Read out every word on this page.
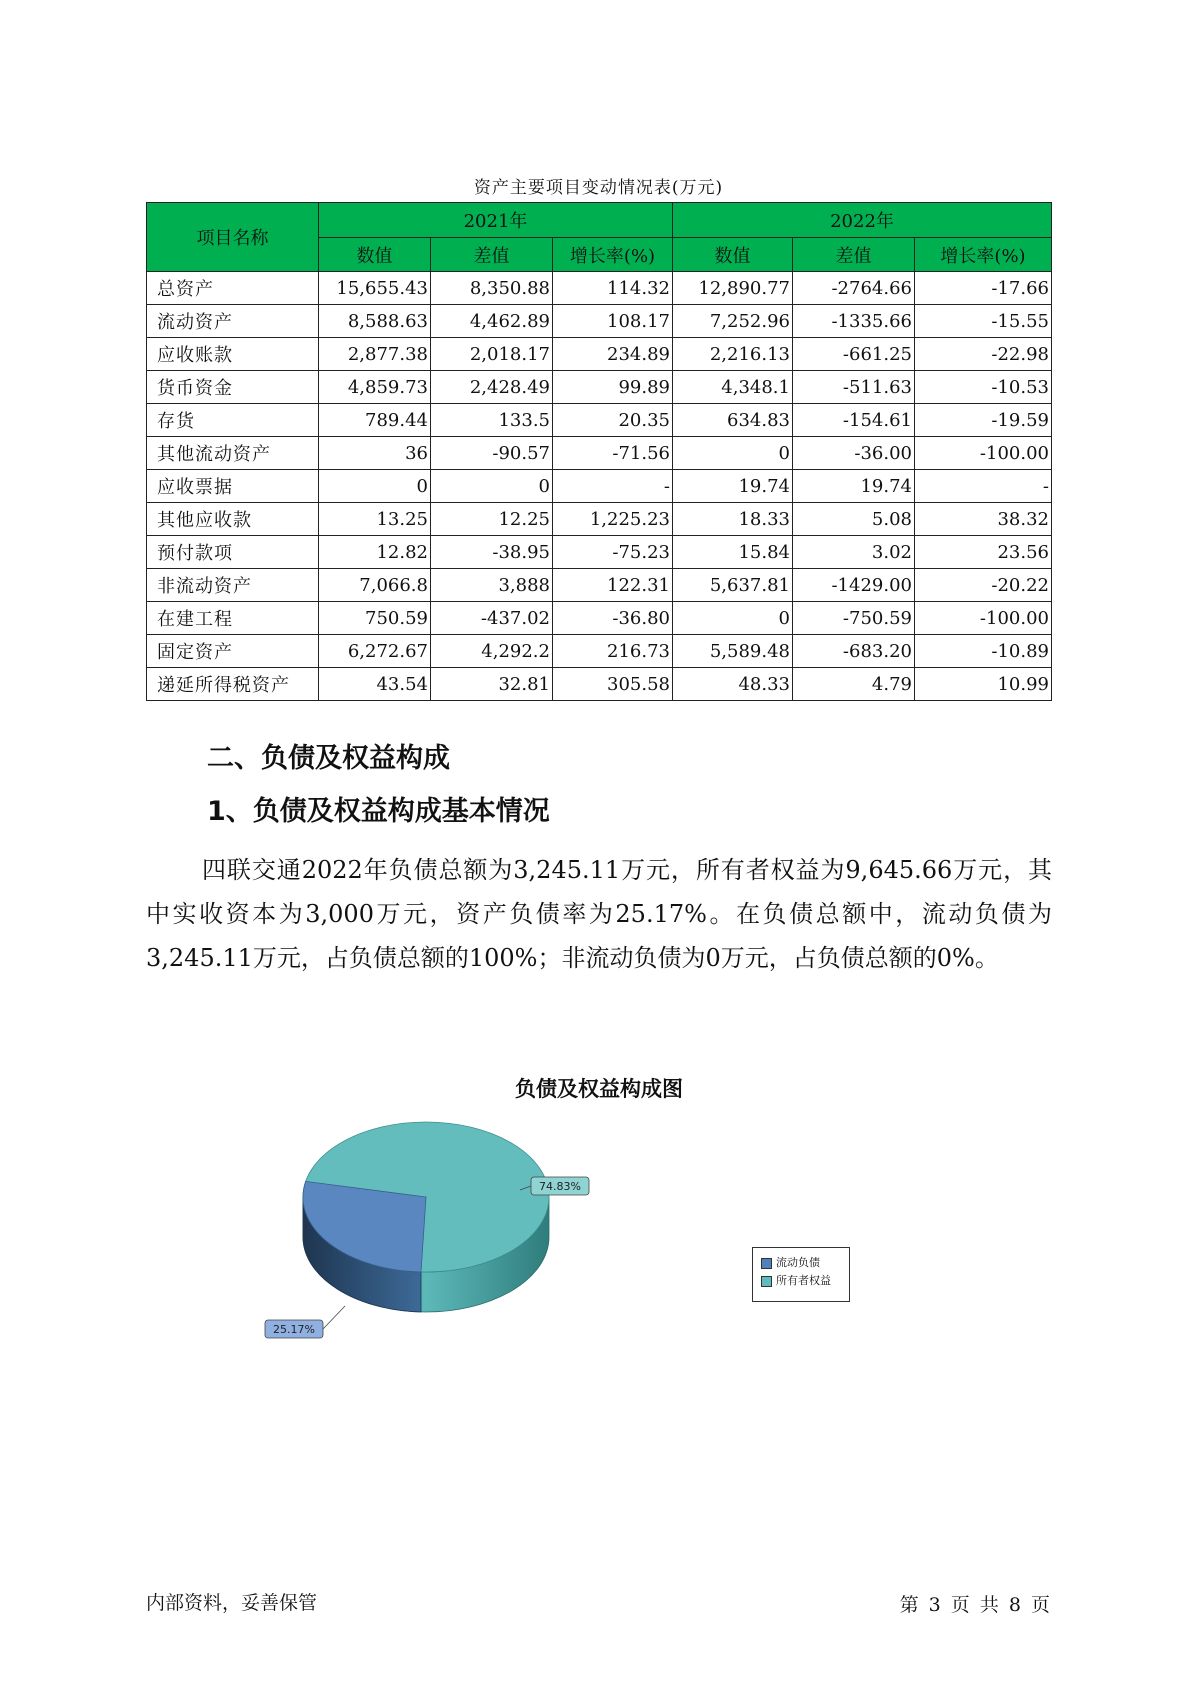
资产主要项目变动情况表(万元)
项目名称	2021年			2022年		
	数值	差值	增长率(%)	数值	差值	增长率(%)
总资产	15,655.43	8,350.88	114.32	12,890.77	-2764.66	-17.66
流动资产	8,588.63	4,462.89	108.17	7,252.96	-1335.66	-15.55
应收账款	2,877.38	2,018.17	234.89	2,216.13	-661.25	-22.98
货币资金	4,859.73	2,428.49	99.89	4,348.1	-511.63	-10.53
存货	789.44	133.5	20.35	634.83	-154.61	-19.59
其他流动资产	36	-90.57	-71.56	0	-36.00	-100.00
应收票据	0	0	-	19.74	19.74	-
其他应收款	13.25	12.25	1,225.23	18.33	5.08	38.32
预付款项	12.82	-38.95	-75.23	15.84	3.02	23.56
非流动资产	7,066.8	3,888	122.31	5,637.81	-1429.00	-20.22
在建工程	750.59	-437.02	-36.80	0	-750.59	-100.00
固定资产	6,272.67	4,292.2	216.73	5,589.48	-683.20	-10.89
递延所得税资产	43.54	32.81	305.58	48.33	4.79	10.99
二、负债及权益构成
1、负债及权益构成基本情况
四联交通2022年负债总额为3,245.11万元，所有者权益为9,645.66万元，其中实收资本为3,000万元，资产负债率为25.17%。在负债总额中，流动负债为3,245.11万元，占负债总额的100%；非流动负债为0万元，占负债总额的0%。
负债及权益构成图
74.83%
25.17%
流动负债
所有者权益
内部资料，妥善保管	第 3 页 共 8 页
